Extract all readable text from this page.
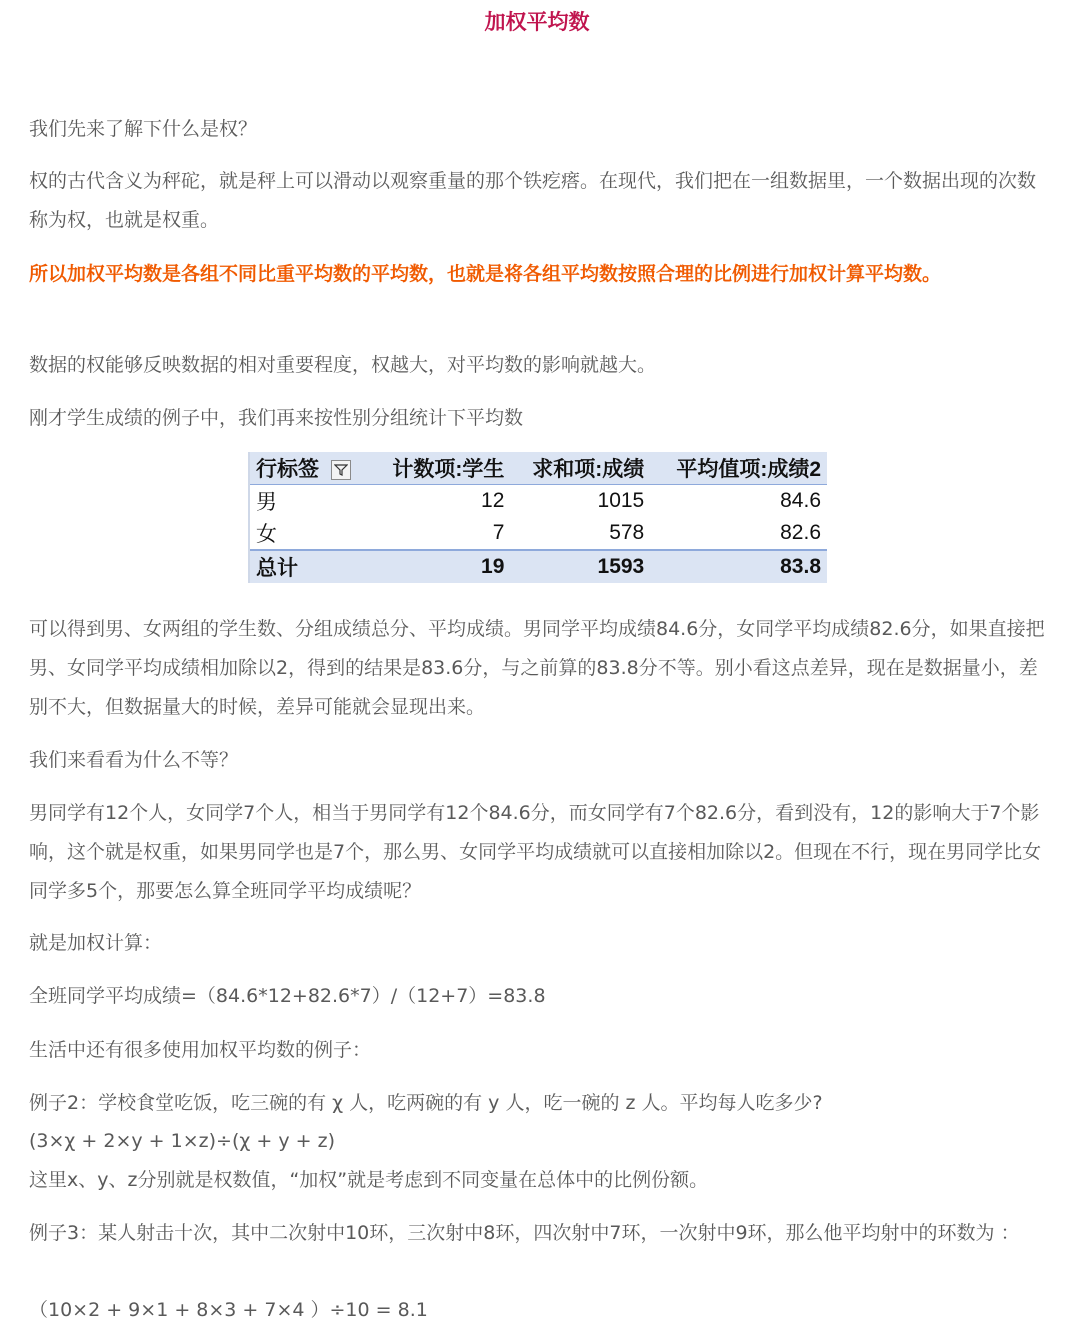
加权平均数

我们先来了解下什么是权？

权的古代含义为秤砣，就是秤上可以滑动以观察重量的那个铁疙瘩。在现代，我们把在一组数据里，一个数据出现的次数称为权，也就是权重。

所以加权平均数是各组不同比重平均数的平均数，也就是将各组平均数按照合理的比例进行加权计算平均数。

数据的权能够反映数据的相对重要程度，权越大，对平均数的影响就越大。

刚才学生成绩的例子中，我们再来按性别分组统计下平均数

行标签	计数项:学生	求和项:成绩	平均值项:成绩2
男	12	1015	84.6
女	7	578	82.6
总计	19	1593	83.8

可以得到男、女两组的学生数、分组成绩总分、平均成绩。男同学平均成绩84.6分，女同学平均成绩82.6分，如果直接把男、女同学平均成绩相加除以2，得到的结果是83.6分，与之前算的83.8分不等。别小看这点差异，现在是数据量小，差别不大，但数据量大的时候，差异可能就会显现出来。

我们来看看为什么不等？

男同学有12个人，女同学7个人，相当于男同学有12个84.6分，而女同学有7个82.6分，看到没有，12的影响大于7个影响，这个就是权重，如果男同学也是7个，那么男、女同学平均成绩就可以直接相加除以2。但现在不行，现在男同学比女同学多5个，那要怎么算全班同学平均成绩呢？

就是加权计算：

全班同学平均成绩=（84.6*12+82.6*7）/（12+7）=83.8

生活中还有很多使用加权平均数的例子：

例子2：学校食堂吃饭，吃三碗的有 χ 人，吃两碗的有 y 人，吃一碗的 z 人。平均每人吃多少?

(3×χ + 2×y + 1×z)÷(χ + y + z)

这里x、y、z分别就是权数值，“加权”就是考虑到不同变量在总体中的比例份额。

例子3：某人射击十次，其中二次射中10环，三次射中8环，四次射中7环，一次射中9环，那么他平均射中的环数为 ：

（10×2 + 9×1 + 8×3 + 7×4 ）÷10 = 8.1
